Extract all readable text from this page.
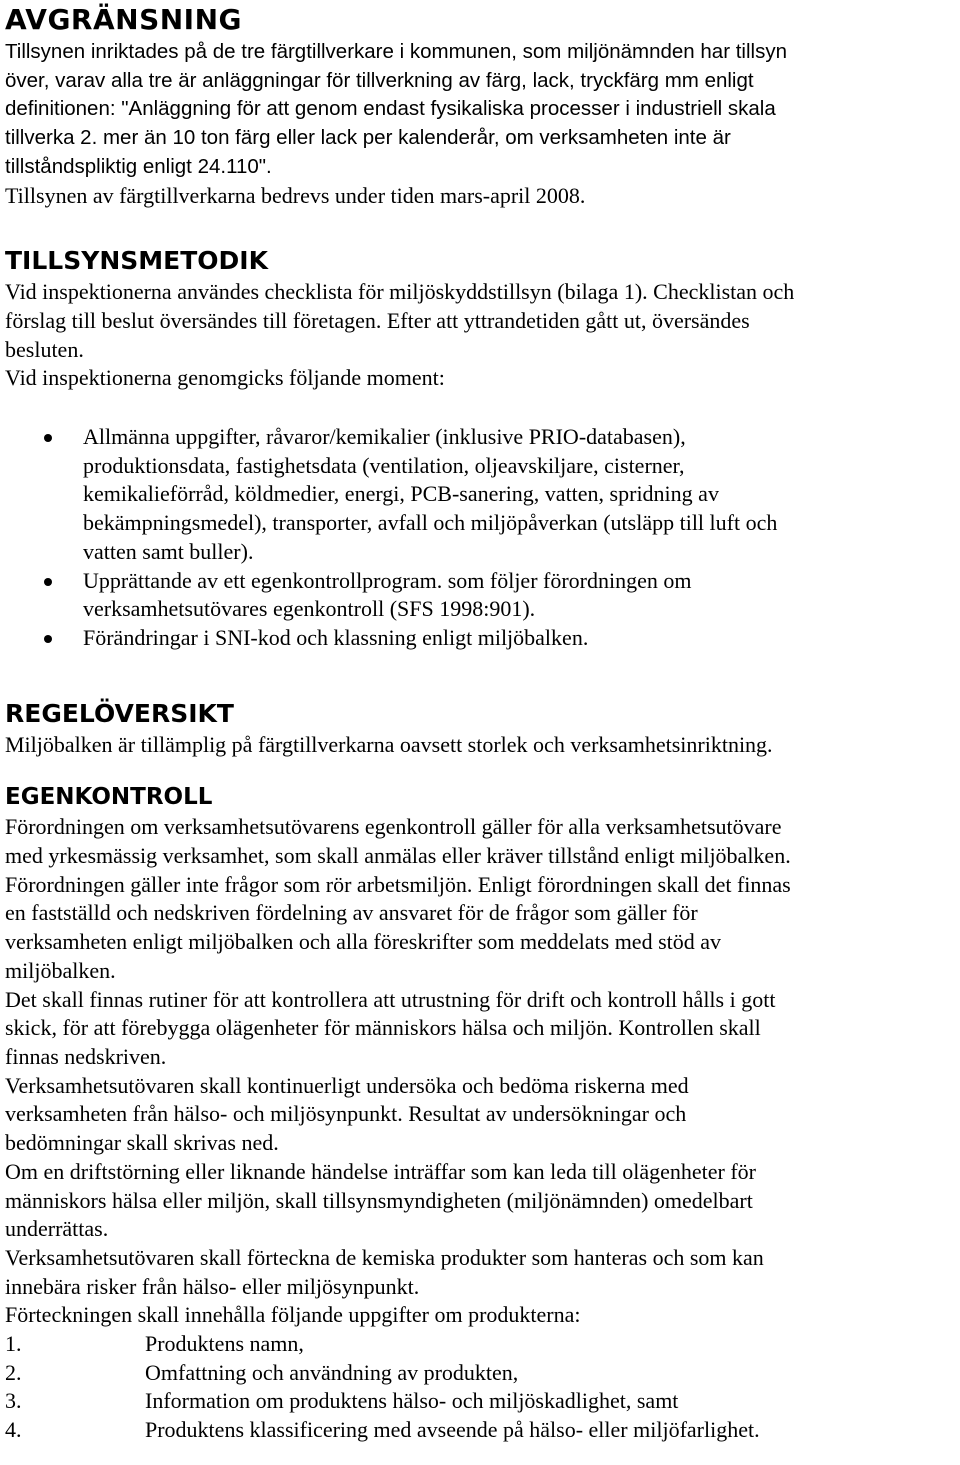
AVGRÄNSNING

Tillsynen inriktades på de tre färgtillverkare i kommunen, som miljönämnden har tillsyn

över, varav alla tre är anläggningar för tillverkning av färg, lack, tryckfärg mm enligt

definitionen: "Anläggning för att genom endast fysikaliska processer i industriell skala

tillverka 2. mer än 10 ton färg eller lack per kalenderår, om verksamheten inte är

tillståndspliktig enligt 24.110".

Tillsynen av färgtillverkarna bedrevs under tiden mars-april 2008.

TILLSYNSMETODIK

Vid inspektionerna användes checklista för miljöskyddstillsyn (bilaga 1). Checklistan och

förslag till beslut översändes till företagen. Efter att yttrandetiden gått ut, översändes

besluten.

Vid inspektionerna genomgicks följande moment:

Allmänna uppgifter, råvaror/kemikalier (inklusive PRIO-databasen),
produktionsdata, fastighetsdata (ventilation, oljeavskiljare, cisterner,
kemikalieförråd, köldmedier, energi, PCB-sanering, vatten, spridning av
bekämpningsmedel), transporter, avfall och miljöpåverkan (utsläpp till luft och
vatten samt buller).
Upprättande av ett egenkontrollprogram. som följer förordningen om
verksamhetsutövares egenkontroll (SFS 1998:901).
Förändringar i SNI-kod och klassning enligt miljöbalken.
REGELÖVERSIKT

Miljöbalken är tillämplig på färgtillverkarna oavsett storlek och verksamhetsinriktning.

EGENKONTROLL

Förordningen om verksamhetsutövarens egenkontroll gäller för alla verksamhetsutövare

med yrkesmässig verksamhet, som skall anmälas eller kräver tillstånd enligt miljöbalken.

Förordningen gäller inte frågor som rör arbetsmiljön. Enligt förordningen skall det finnas

en fastställd och nedskriven fördelning av ansvaret för de frågor som gäller för

verksamheten enligt miljöbalken och alla föreskrifter som meddelats med stöd av

miljöbalken.

Det skall finnas rutiner för att kontrollera att utrustning för drift och kontroll hålls i gott

skick, för att förebygga olägenheter för människors hälsa och miljön. Kontrollen skall

finnas nedskriven.

Verksamhetsutövaren skall kontinuerligt undersöka och bedöma riskerna med

verksamheten från hälso- och miljösynpunkt. Resultat av undersökningar och

bedömningar skall skrivas ned.

Om en driftstörning eller liknande händelse inträffar som kan leda till olägenheter för

människors hälsa eller miljön, skall tillsynsmyndigheten (miljönämnden) omedelbart

underrättas.

Verksamhetsutövaren skall förteckna de kemiska produkter som hanteras och som kan

innebära risker från hälso- eller miljösynpunkt.

Förteckningen skall innehålla följande uppgifter om produkterna:

1.	Produktens namn,
2.	Omfattning och användning av produkten,
3.	Information om produktens hälso- och miljöskadlighet, samt
4.	Produktens klassificering med avseende på hälso- eller miljöfarlighet.
